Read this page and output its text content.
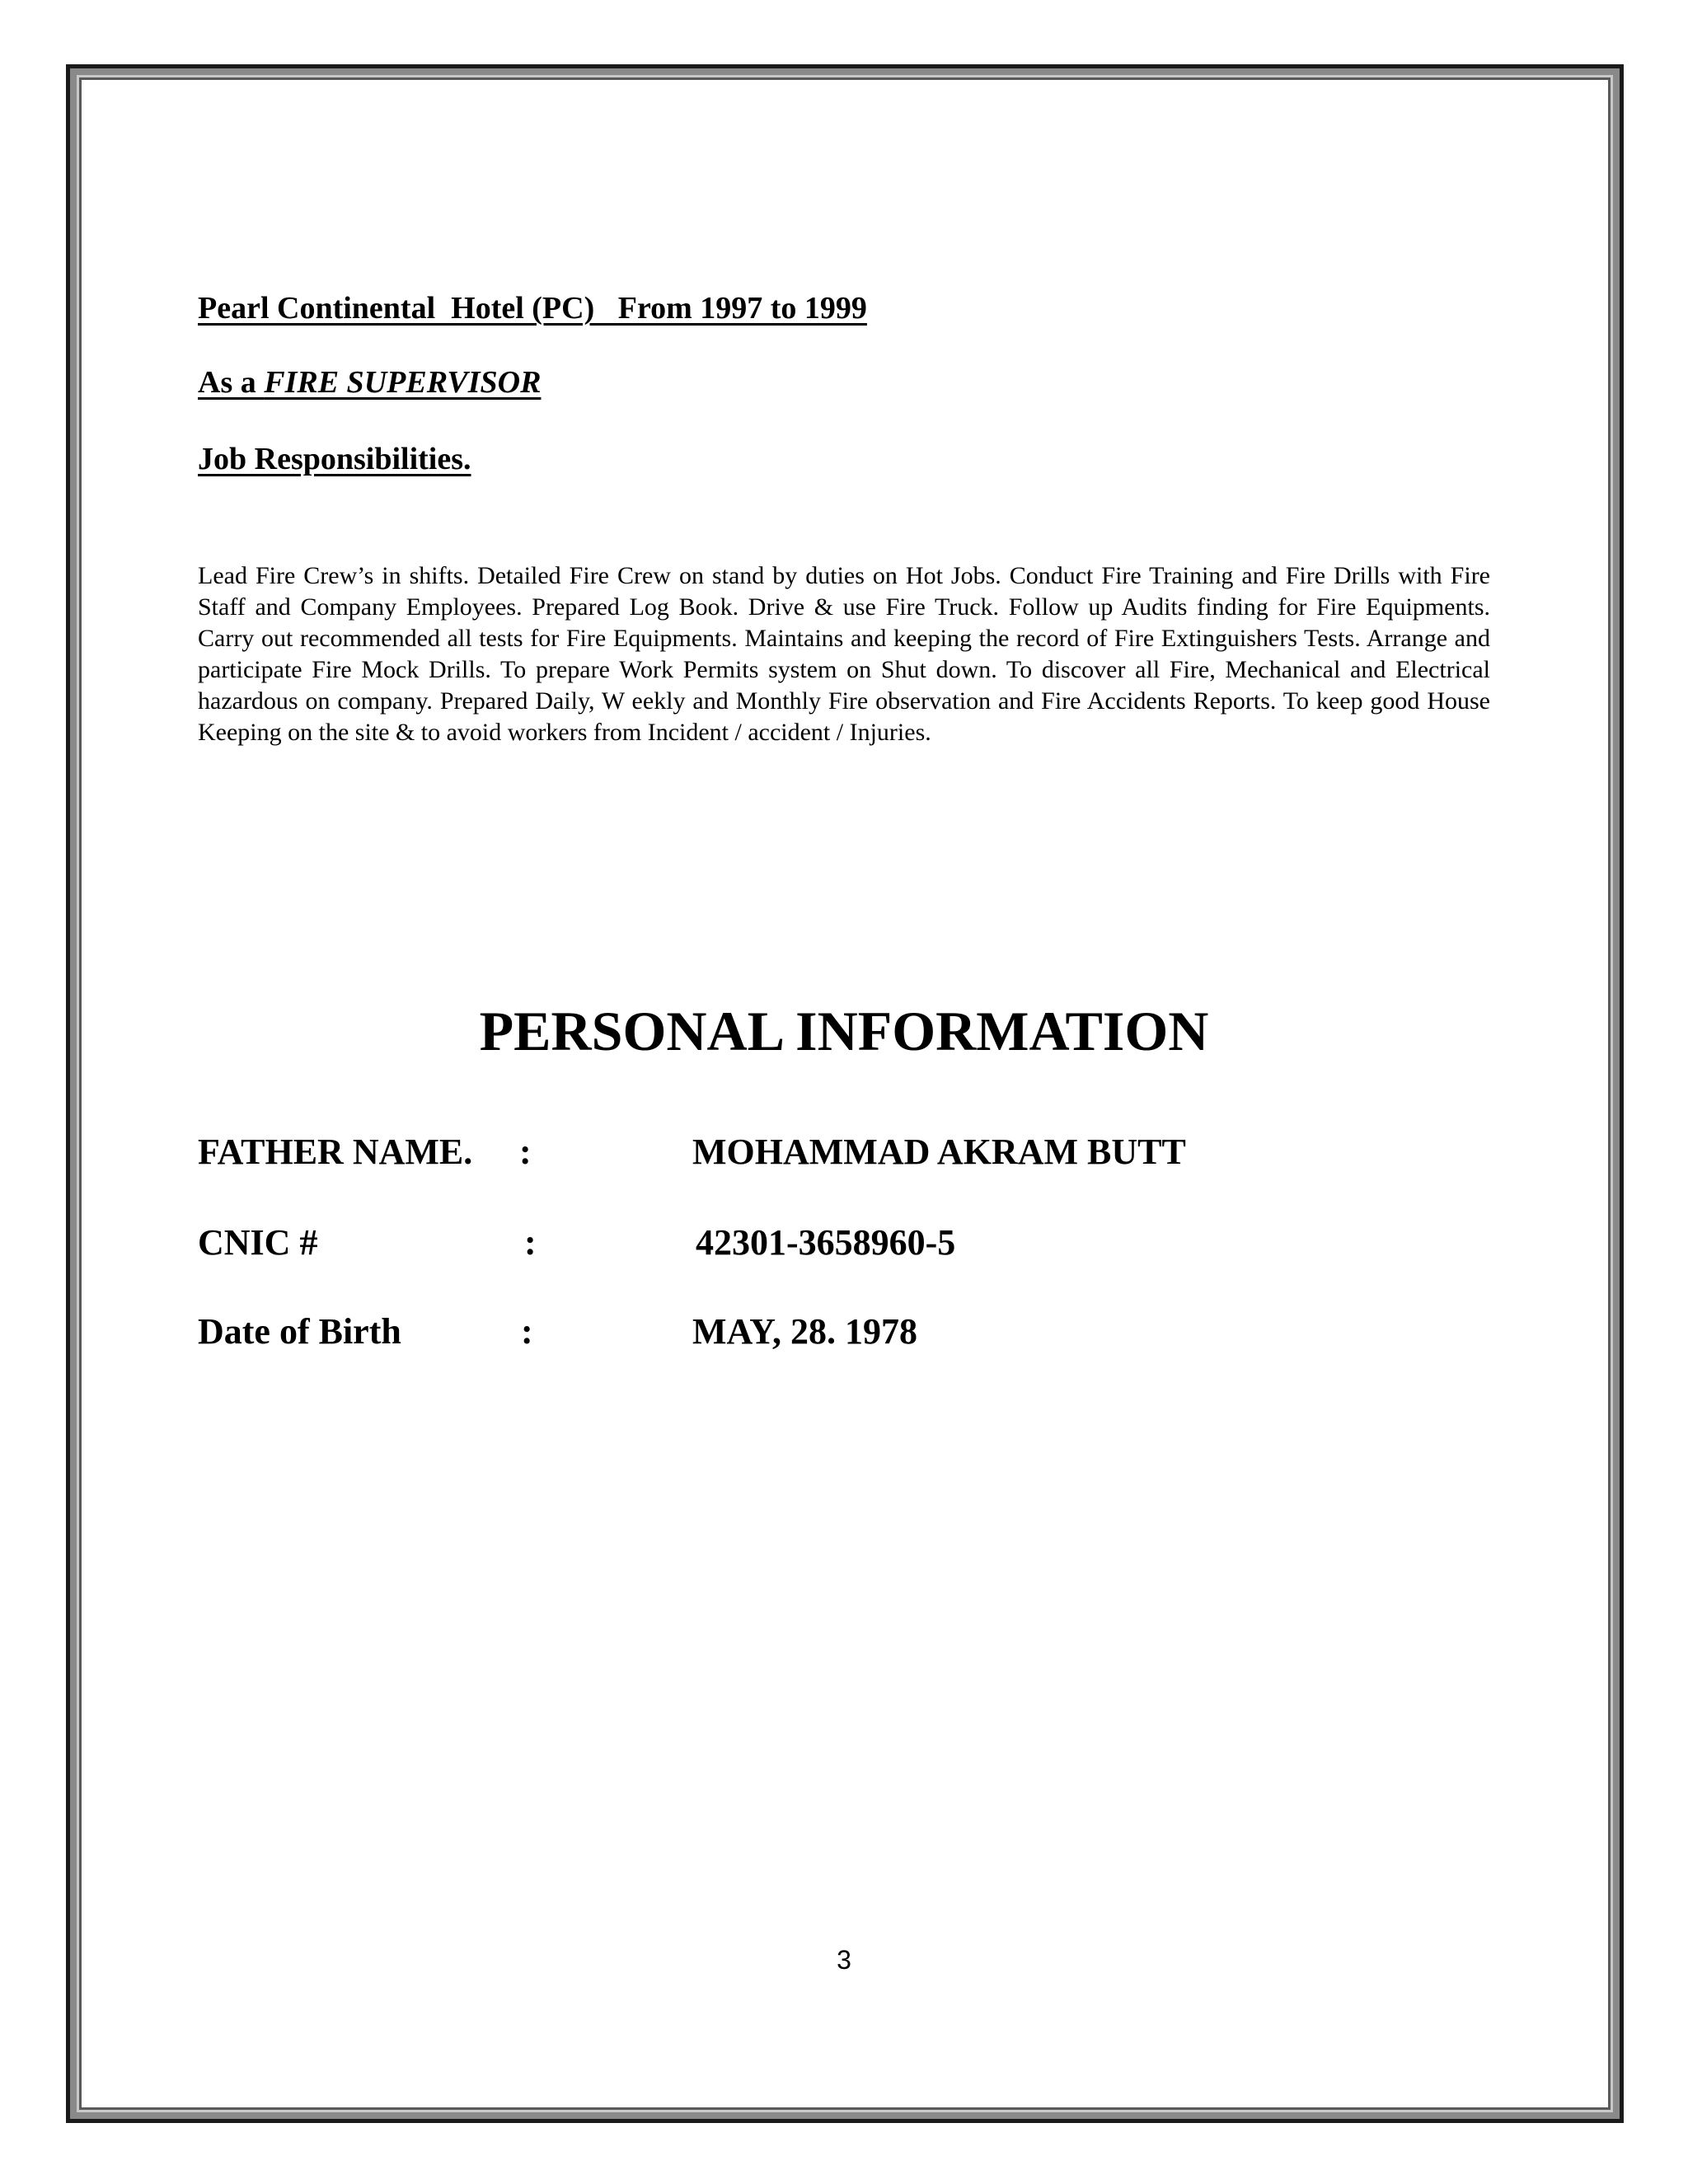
Pearl Continental  Hotel (PC)   From 1997 to 1999
As a FIRE SUPERVISOR
Job Responsibilities.
Lead Fire Crew’s in shifts. Detailed Fire Crew on stand by duties on Hot Jobs. Conduct Fire Training and Fire Drills with Fire Staff and Company Employees. Prepared Log Book. Drive & use Fire Truck. Follow up Audits finding for Fire Equipments. Carry out recommended all tests for Fire Equipments. Maintains and keeping the record of Fire Extinguishers Tests. Arrange and participate Fire Mock Drills. To prepare Work Permits system on Shut down. To discover all Fire, Mechanical and Electrical hazardous on company. Prepared Daily, W eekly and Monthly Fire observation and Fire Accidents Reports. To keep good House Keeping on the site & to avoid workers from Incident / accident / Injuries.
PERSONAL INFORMATION
FATHER NAME. :	MOHAMMAD AKRAM BUTT
CNIC #	:	42301-3658960-5
Date of Birth	:	MAY, 28. 1978
3
